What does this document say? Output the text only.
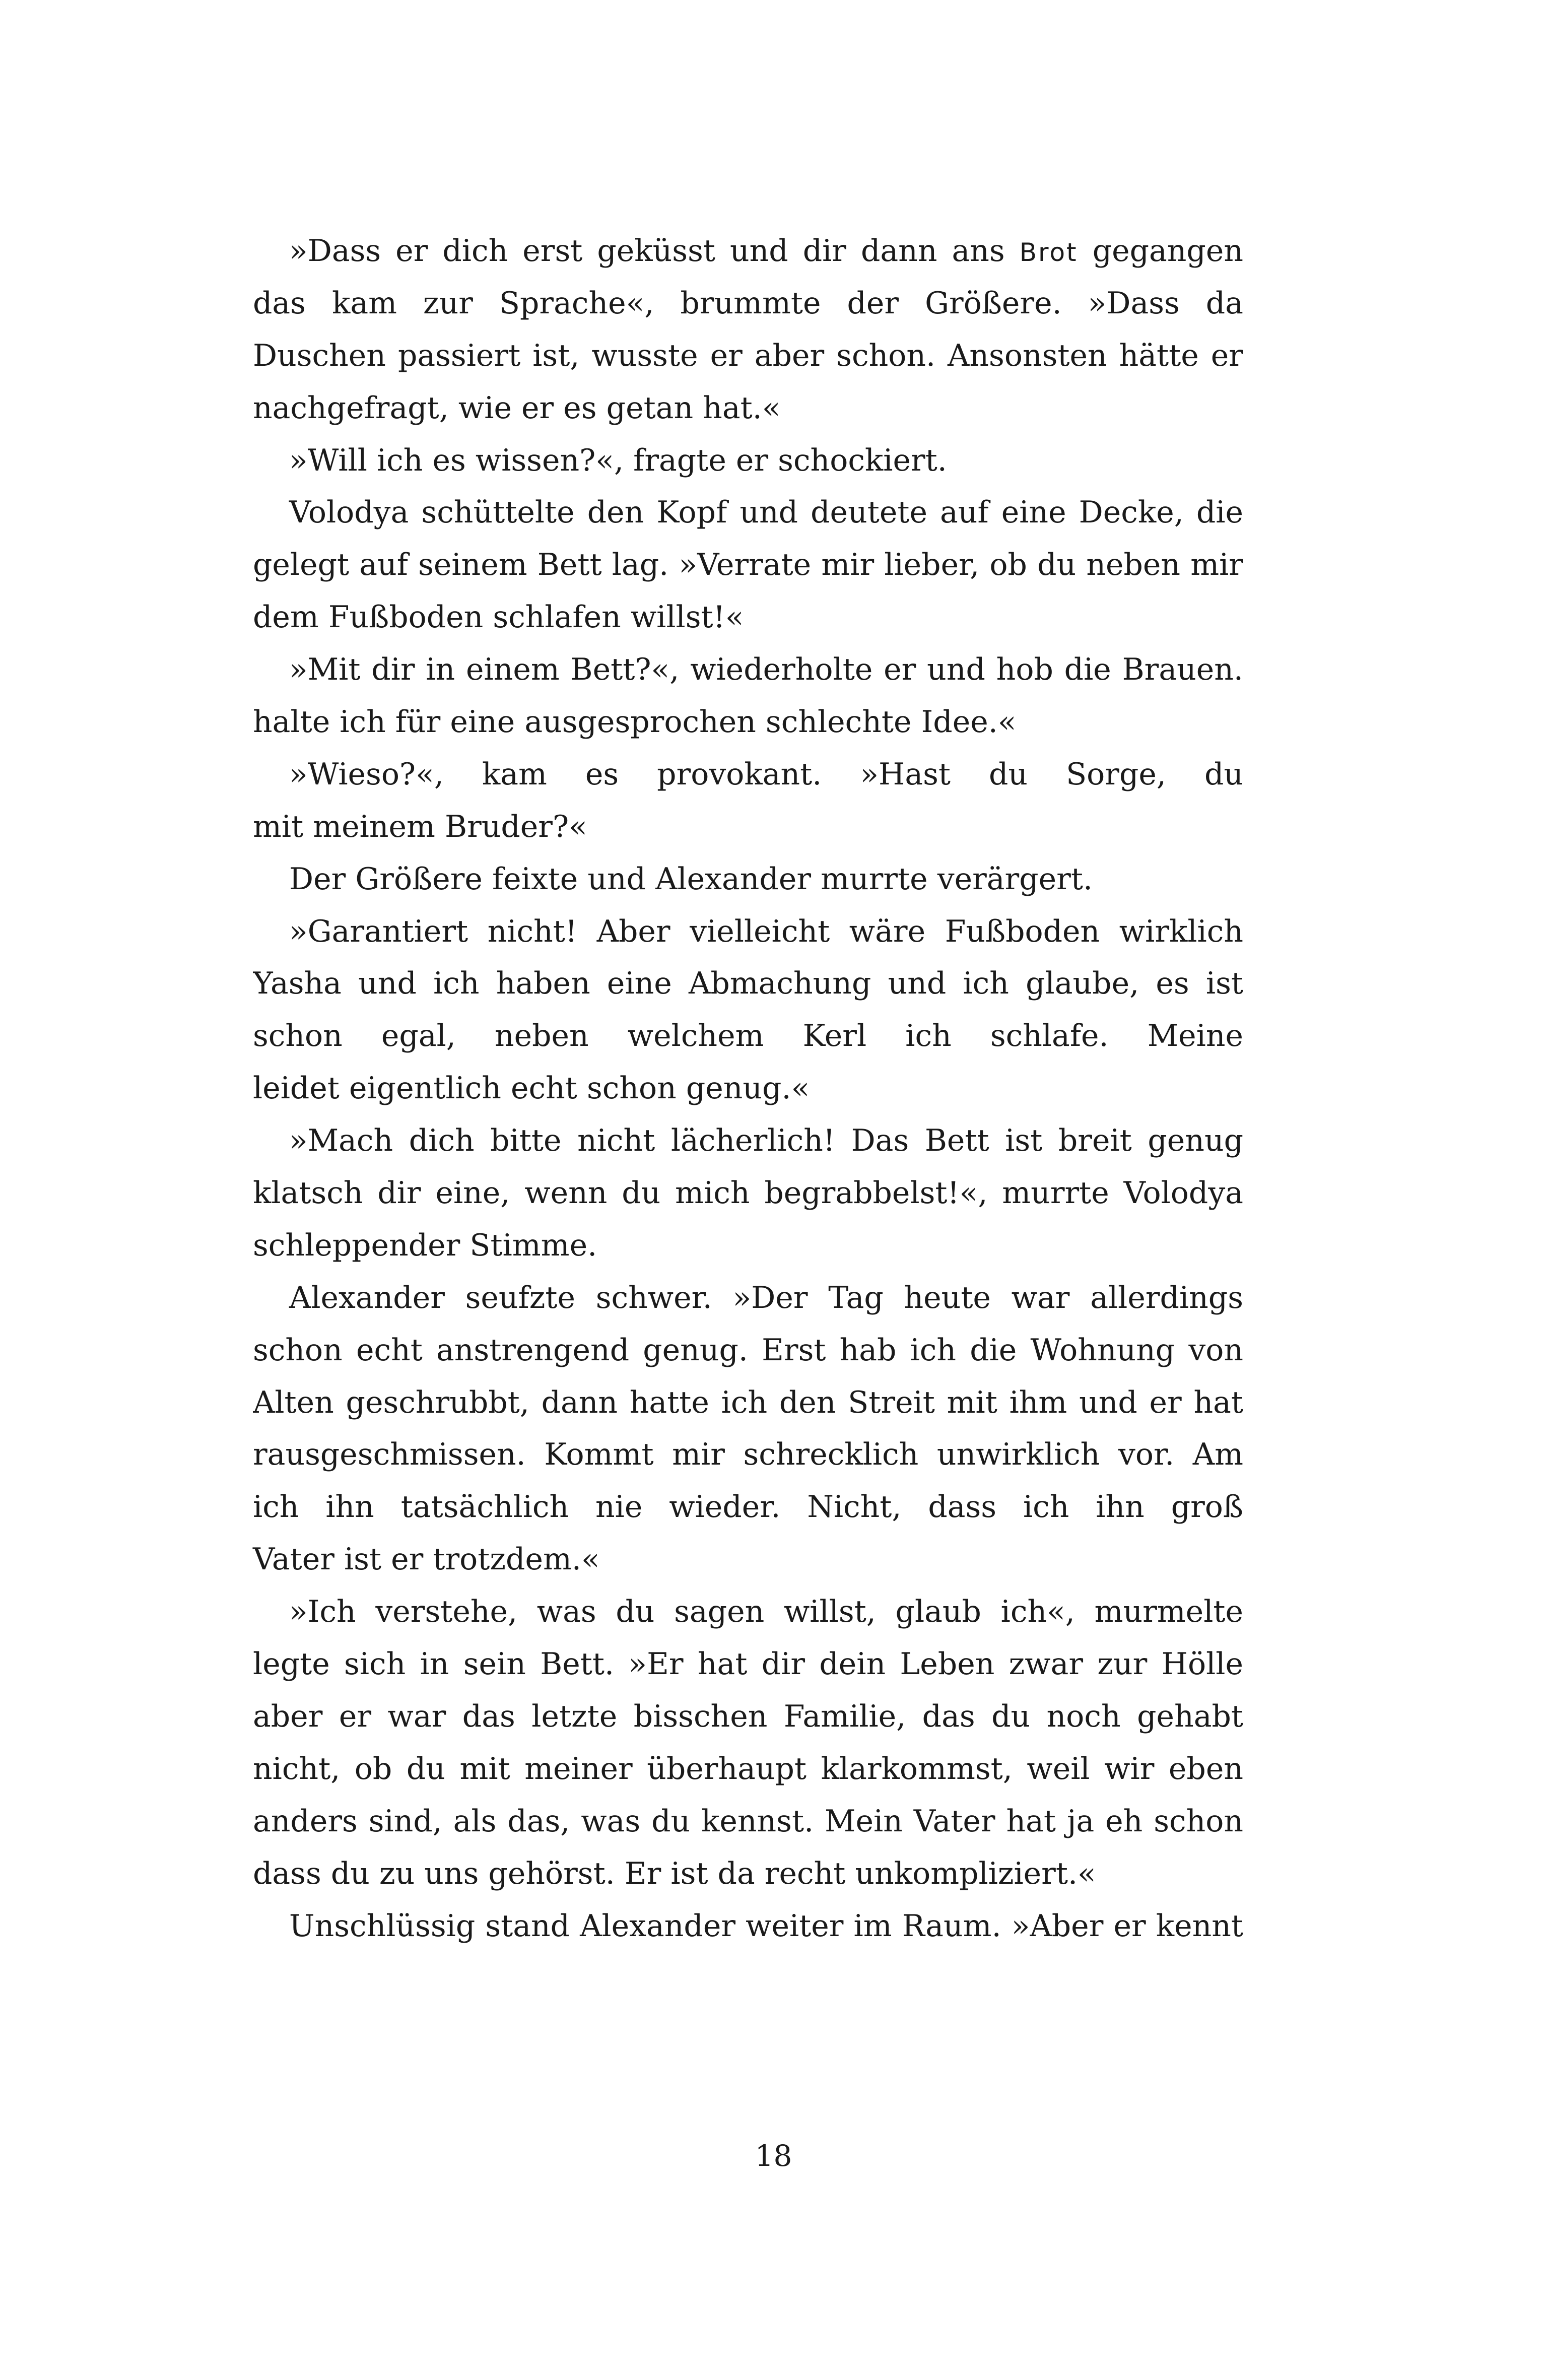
»Dass er dich erst geküsst und dir dann ans Brot gegangen
das kam zur Sprache«, brummte der Größere. »Dass da
Duschen passiert ist, wusste er aber schon. Ansonsten hätte er
nachgefragt, wie er es getan hat.«
»Will ich es wissen?«, fragte er schockiert.
Volodya schüttelte den Kopf und deutete auf eine Decke, die
gelegt auf seinem Bett lag. »Verrate mir lieber, ob du neben mir
dem Fußboden schlafen willst!«
»Mit dir in einem Bett?«, wiederholte er und hob die Brauen.
halte ich für eine ausgesprochen schlechte Idee.«
»Wieso?«, kam es provokant. »Hast du Sorge, du
mit meinem Bruder?«
Der Größere feixte und Alexander murrte verärgert.
»Garantiert nicht! Aber vielleicht wäre Fußboden wirklich
Yasha und ich haben eine Abmachung und ich glaube, es ist
schon egal, neben welchem Kerl ich schlafe. Meine
leidet eigentlich echt schon genug.«
»Mach dich bitte nicht lächerlich! Das Bett ist breit genug
klatsch dir eine, wenn du mich begrabbelst!«, murrte Volodya
schleppender Stimme.
Alexander seufzte schwer. »Der Tag heute war allerdings
schon echt anstrengend genug. Erst hab ich die Wohnung von
Alten geschrubbt, dann hatte ich den Streit mit ihm und er hat
rausgeschmissen. Kommt mir schrecklich unwirklich vor. Am
ich ihn tatsächlich nie wieder. Nicht, dass ich ihn groß
Vater ist er trotzdem.«
»Ich verstehe, was du sagen willst, glaub ich«, murmelte
legte sich in sein Bett. »Er hat dir dein Leben zwar zur Hölle
aber er war das letzte bisschen Familie, das du noch gehabt
nicht, ob du mit meiner überhaupt klarkommst, weil wir eben
anders sind, als das, was du kennst. Mein Vater hat ja eh schon
dass du zu uns gehörst. Er ist da recht unkompliziert.«
Unschlüssig stand Alexander weiter im Raum. »Aber er kennt
18
